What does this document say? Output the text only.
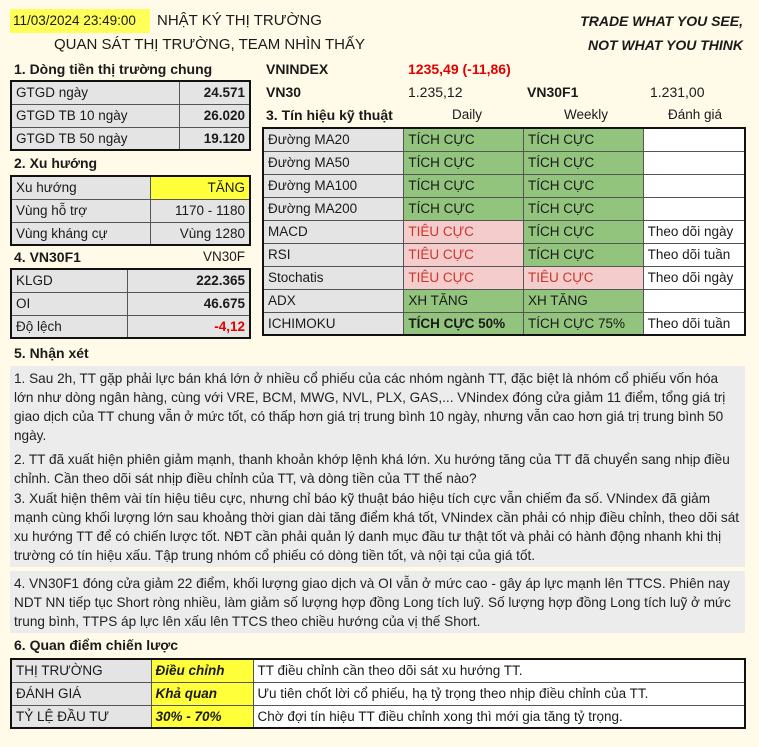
11/03/2024 23:49:00	NHẬT KÝ THỊ TRƯỜNG
QUAN SÁT THỊ TRƯỜNG, TEAM NHÌN THẤY
TRADE WHAT YOU SEE,
NOT WHAT YOU THINK
1. Dòng tiền thị trường chung
GTGD ngày	24.571
GTGD TB 10 ngày	26.020
GTGD TB 50 ngày	19.120
2. Xu hướng
Xu hướng	TĂNG
Vùng hỗ trợ	1170 - 1180
Vùng kháng cự	Vùng 1280
4. VN30F1	VN30F
KLGD	222.365
OI	46.675
Độ lệch	-4,12
VNINDEX	1235,49 (-11,86)
VN30	1.235,12	VN30F1	1.231,00
3. Tín hiệu kỹ thuật	Daily	Weekly	Đánh giá
Đường MA20	TÍCH CỰC	TÍCH CỰC	
Đường MA50	TÍCH CỰC	TÍCH CỰC	
Đường MA100	TÍCH CỰC	TÍCH CỰC	
Đường MA200	TÍCH CỰC	TÍCH CỰC	
MACD	TIÊU CỰC	TÍCH CỰC	Theo dõi ngày
RSI	TIÊU CỰC	TÍCH CỰC	Theo dõi tuần
Stochatis	TIÊU CỰC	TIÊU CỰC	Theo dõi ngày
ADX	XH TĂNG	XH TĂNG	
ICHIMOKU	TÍCH CỰC 50%	TÍCH CỰC 75%	Theo dõi tuần
5. Nhận xét
1. Sau 2h, TT gặp phải lực bán khá lớn ở nhiều cổ phiếu của các nhóm ngành TT, đặc biệt là nhóm cổ phiếu vốn hóa lớn như dòng ngân hàng, cùng với VRE, BCM, MWG, NVL, PLX, GAS,... VNindex đóng cửa giảm 11 điểm, tổng giá trị giao dịch của TT chung vẫn ở mức tốt, có thấp hơn giá trị trung bình 10 ngày, nhưng vẫn cao hơn giá trị trung bình 50 ngày.
2. TT đã xuất hiện phiên giảm mạnh, thanh khoản khớp lệnh khá lớn. Xu hướng tăng của TT đã chuyển sang nhịp điều chỉnh. Cần theo dõi sát nhịp điều chỉnh của TT, và dòng tiền của TT thế nào?
3. Xuất hiện thêm vài tín hiệu tiêu cực, nhưng chỉ báo kỹ thuật báo hiệu tích cực vẫn chiếm đa số. VNindex đã giảm mạnh cùng khối lượng lớn sau khoảng thời gian dài tăng điểm khá tốt, VNindex cần phải có nhịp điều chỉnh, theo dõi sát xu hướng TT để có chiến lược tốt. NĐT cần phải quản lý danh mục đầu tư thật tốt và phải có hành động nhanh khi thị trường có tín hiệu xấu. Tập trung nhóm cổ phiếu có dòng tiền tốt, và nội tại của giá tốt.
4. VN30F1 đóng cửa giảm 22 điểm, khối lượng giao dịch và OI vẫn ở mức cao - gây áp lực mạnh lên TTCS. Phiên nay NDT NN tiếp tục Short ròng nhiều, làm giảm số lượng hợp đồng Long tích luỹ. Số lượng hợp đồng Long tích luỹ ở mức trung bình, TTPS áp lực lên xấu lên TTCS theo chiều hướng của vị thế Short.
6. Quan điểm chiến lược
THỊ TRƯỜNG	Điều chỉnh	TT điều chỉnh cần theo dõi sát xu hướng TT.
ĐÁNH GIÁ	Khả quan	Ưu tiên chốt lời cổ phiếu, hạ tỷ trọng theo nhịp điều chỉnh của TT.
TỶ LỆ ĐẦU TƯ	30% - 70%	Chờ đợi tín hiệu TT điều chỉnh xong thì mới gia tăng tỷ trọng.
